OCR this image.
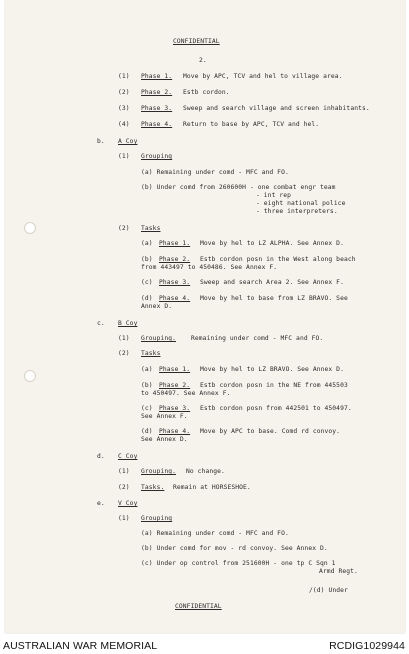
CONFIDENTIAL
2.
(1) Phase 1. Move by APC, TCV and hel to village area.
(2) Phase 2. Estb cordon.
(3) Phase 3. Sweep and search village and screen inhabitants.
(4) Phase 4. Return to base by APC, TCV and hel.
b. A Coy
(1) Grouping
(a) Remaining under comd - MFC and FO.
(b) Under comd from 260600H - one combat engr team
- int rep
- eight national police
- three interpreters.
(2) Tasks
(a) Phase 1. Move by hel to LZ ALPHA. See Annex D.
(b) Phase 2. Estb cordon posn in the West along beach
from 443497 to 450486. See Annex F.
(c) Phase 3. Sweep and search Area 2. See Annex F.
(d) Phase 4. Move by hel to base from LZ BRAVO. See
Annex D.
c. B Coy
(1) Grouping. Remaining under comd - MFC and FO.
(2) Tasks
(a) Phase 1. Move by hel to LZ BRAVO. See Annex D.
(b) Phase 2. Estb cordon posn in the NE from 445503
to 450497. See Annex F.
(c) Phase 3. Estb cordon posn from 442501 to 450497.
See Annex F.
(d) Phase 4. Move by APC to base. Comd rd convoy.
See Annex D.
d. C Coy
(1) Grouping. No change.
(2) Tasks. Remain at HORSESHOE.
e. V Coy
(1) Grouping
(a) Remaining under comd - MFC and FO.
(b) Under comd for mov - rd convoy. See Annex D.
(c) Under op control from 251600H - one tp C Sqn 1
Armd Regt.
/(d) Under
CONFIDENTIAL
AUSTRALIAN WAR MEMORIAL	RCDIG1029944
